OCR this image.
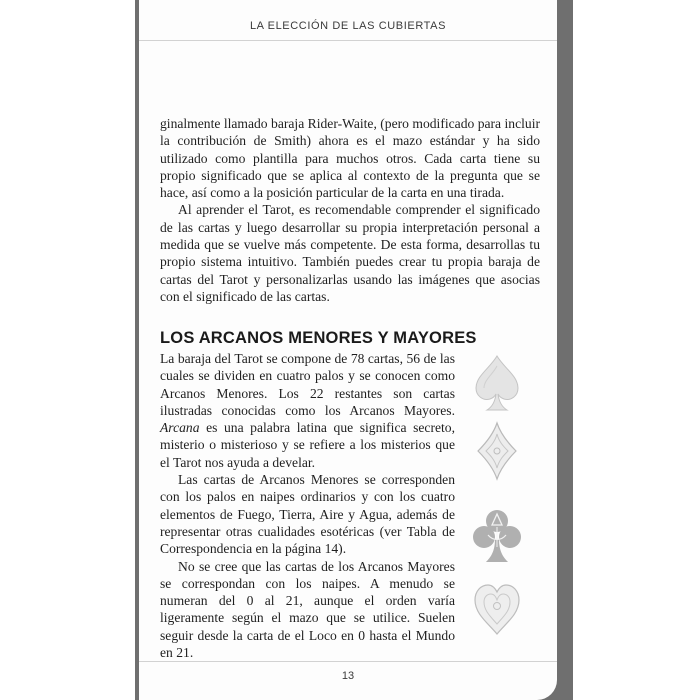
LA ELECCIÓN DE LAS CUBIERTAS

ginalmente llamado baraja Rider-Waite, (pero modificado para incluir la contribución de Smith) ahora es el mazo estándar y ha sido utilizado como plantilla para muchos otros. Cada carta tiene su propio significado que se aplica al contexto de la pregunta que se hace, así como a la posición particular de la carta en una tirada.

Al aprender el Tarot, es recomendable comprender el significado de las cartas y luego desarrollar su propia interpretación personal a medida que se vuelve más competente. De esta forma, desarrollas tu propio sistema intuitivo. También puedes crear tu propia baraja de cartas del Tarot y personalizarlas usando las imágenes que asocias con el significado de las cartas.

LOS ARCANOS MENORES Y MAYORES

La baraja del Tarot se compone de 78 cartas, 56 de las cuales se dividen en cuatro palos y se conocen como Arcanos Menores. Los 22 restantes son cartas ilustradas conocidas como los Arcanos Mayores. Arcana es una palabra latina que significa secreto, misterio o misterioso y se refiere a los misterios que el Tarot nos ayuda a develar.

Las cartas de Arcanos Menores se corresponden con los palos en naipes ordinarios y con los cuatro elementos de Fuego, Tierra, Aire y Agua, además de representar otras cualidades esotéricas (ver Tabla de Correspondencia en la página 14).

No se cree que las cartas de los Arcanos Mayores se correspondan con los naipes. A menudo se numeran del 0 al 21, aunque el orden varía ligeramente según el mazo que se utilice. Suelen seguir desde la carta de el Loco en 0 hasta el Mundo en 21.

13
